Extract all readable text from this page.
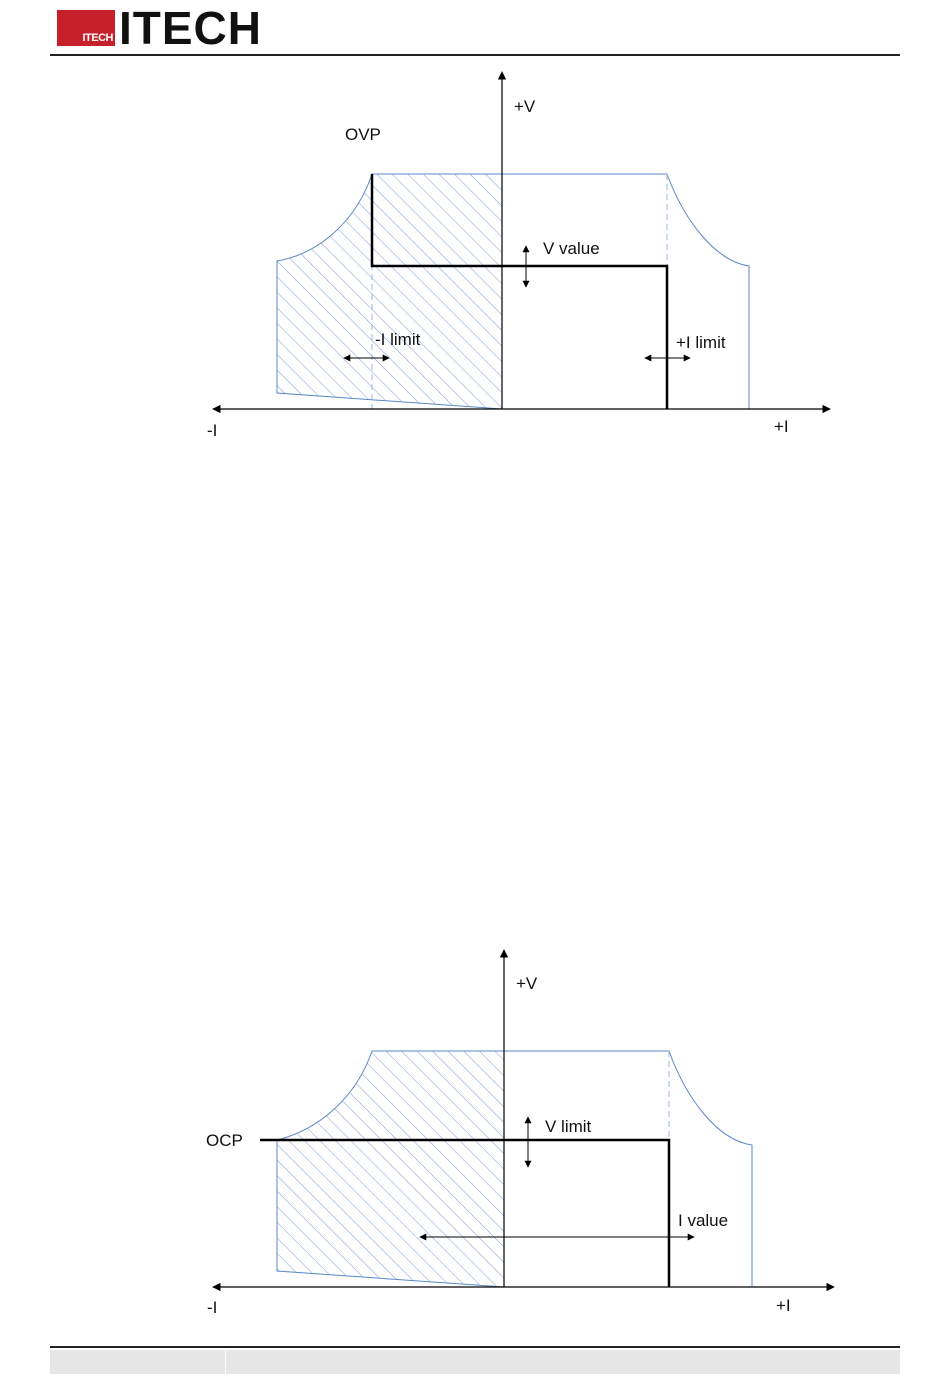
ITECH ITECH
+V
-I	+I
OVP
V value
-I limit	+I limit
+V
-I	+I
OCP
V limit
I value
